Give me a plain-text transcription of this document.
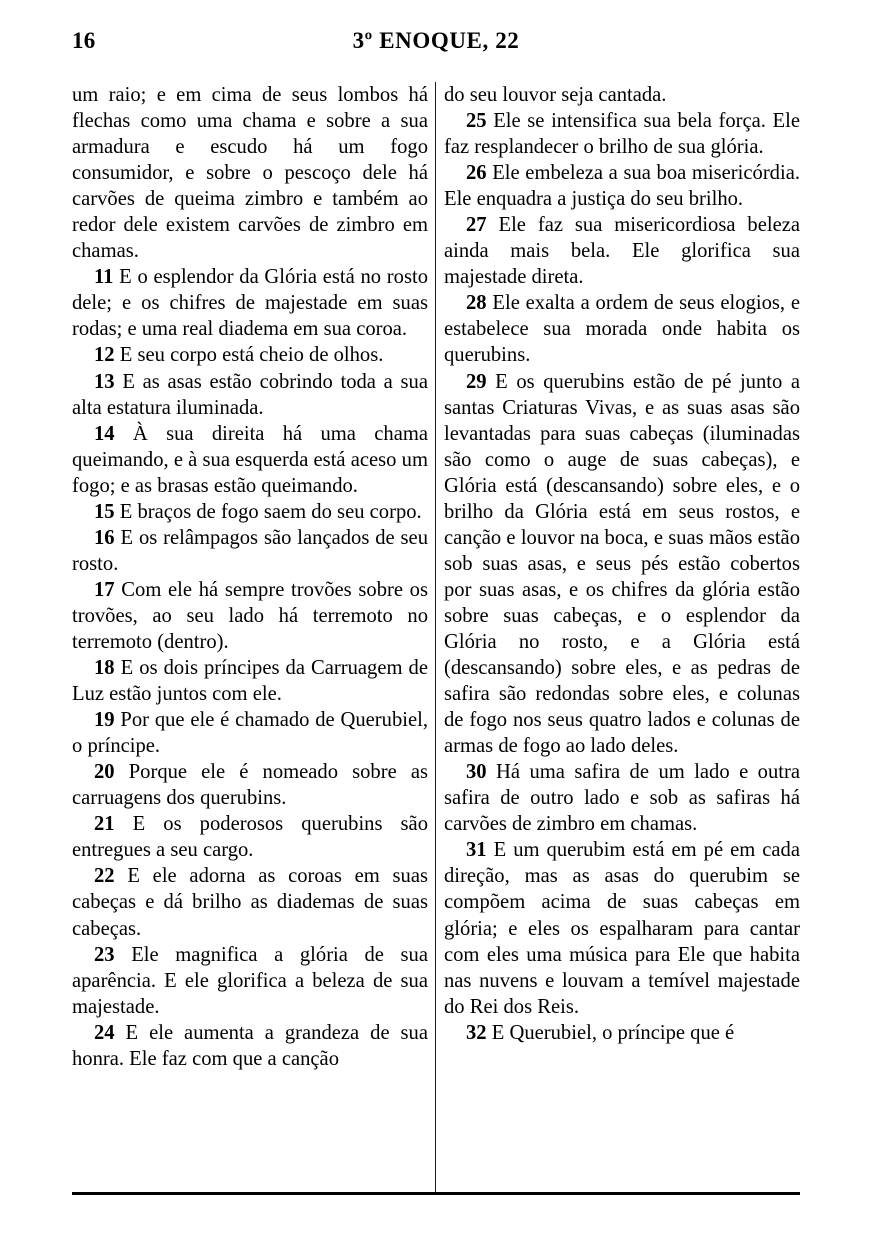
16	3º ENOQUE, 22

um raio; e em cima de seus lombos há flechas como uma chama e sobre a sua armadura e escudo há um fogo consumidor, e sobre o pescoço dele há carvões de queima zimbro e também ao redor dele existem carvões de zimbro em chamas.

11 E o esplendor da Glória está no rosto dele; e os chifres de majestade em suas rodas; e uma real diadema em sua coroa.

12 E seu corpo está cheio de olhos.

13 E as asas estão cobrindo toda a sua alta estatura iluminada.

14 À sua direita há uma chama queimando, e à sua esquerda está aceso um fogo; e as brasas estão queimando.

15 E braços de fogo saem do seu corpo.

16 E os relâmpagos são lançados de seu rosto.

17 Com ele há sempre trovões sobre os trovões, ao seu lado há terremoto no terremoto (dentro).

18 E os dois príncipes da Carruagem de Luz estão juntos com ele.

19 Por que ele é chamado de Querubiel, o príncipe.

20 Porque ele é nomeado sobre as carruagens dos querubins.

21 E os poderosos querubins são entregues a seu cargo.

22 E ele adorna as coroas em suas cabeças e dá brilho as diademas de suas cabeças.

23 Ele magnifica a glória de sua aparência. E ele glorifica a beleza de sua majestade.

24 E ele aumenta a grandeza de sua honra. Ele faz com que a canção

do seu louvor seja cantada.

25 Ele se intensifica sua bela força. Ele faz resplandecer o brilho de sua glória.

26 Ele embeleza a sua boa misericórdia. Ele enquadra a justiça do seu brilho.

27 Ele faz sua misericordiosa beleza ainda mais bela. Ele glorifica sua majestade direta.

28 Ele exalta a ordem de seus elogios, e estabelece sua morada onde habita os querubins.

29 E os querubins estão de pé junto a santas Criaturas Vivas, e as suas asas são levantadas para suas cabeças (iluminadas são como o auge de suas cabeças), e Glória está (descansando) sobre eles, e o brilho da Glória está em seus rostos, e canção e louvor na boca, e suas mãos estão sob suas asas, e seus pés estão cobertos por suas asas, e os chifres da glória estão sobre suas cabeças, e o esplendor da Glória no rosto, e a Glória está (descansando) sobre eles, e as pedras de safira são redondas sobre eles, e colunas de fogo nos seus quatro lados e colunas de armas de fogo ao lado deles.

30 Há uma safira de um lado e outra safira de outro lado e sob as safiras há carvões de zimbro em chamas.

31 E um querubim está em pé em cada direção, mas as asas do querubim se compõem acima de suas cabeças em glória; e eles os espalharam para cantar com eles uma música para Ele que habita nas nuvens e louvam a temível majestade do Rei dos Reis.

32 E Querubiel, o príncipe que é
